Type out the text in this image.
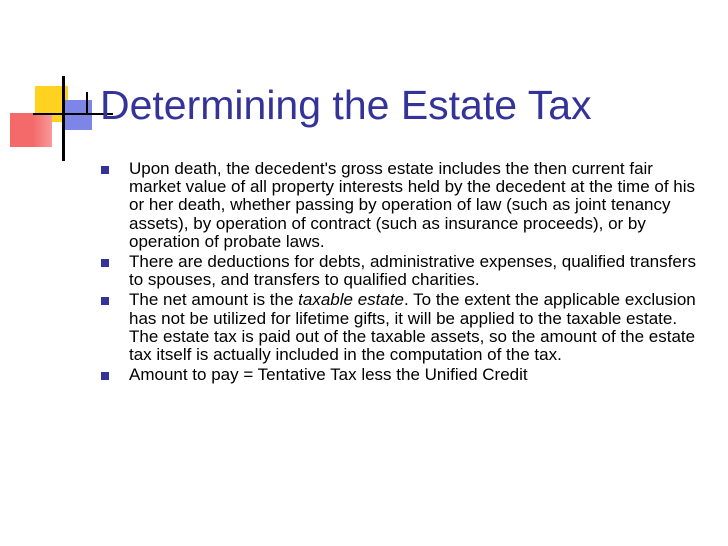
Determining the Estate Tax
Upon death, the decedent's gross estate includes the then current fair market value of all property interests held by the decedent at the time of his or her death, whether passing by operation of law (such as joint tenancy assets), by operation of contract (such as insurance proceeds), or by operation of probate laws.
There are deductions for debts, administrative expenses, qualified transfers to spouses, and transfers to qualified charities.
The net amount is the taxable estate. To the extent the applicable exclusion has not be utilized for lifetime gifts, it will be applied to the taxable estate. The estate tax is paid out of the taxable assets, so the amount of the estate tax itself is actually included in the computation of the tax.
Amount to pay = Tentative Tax less the Unified Credit
